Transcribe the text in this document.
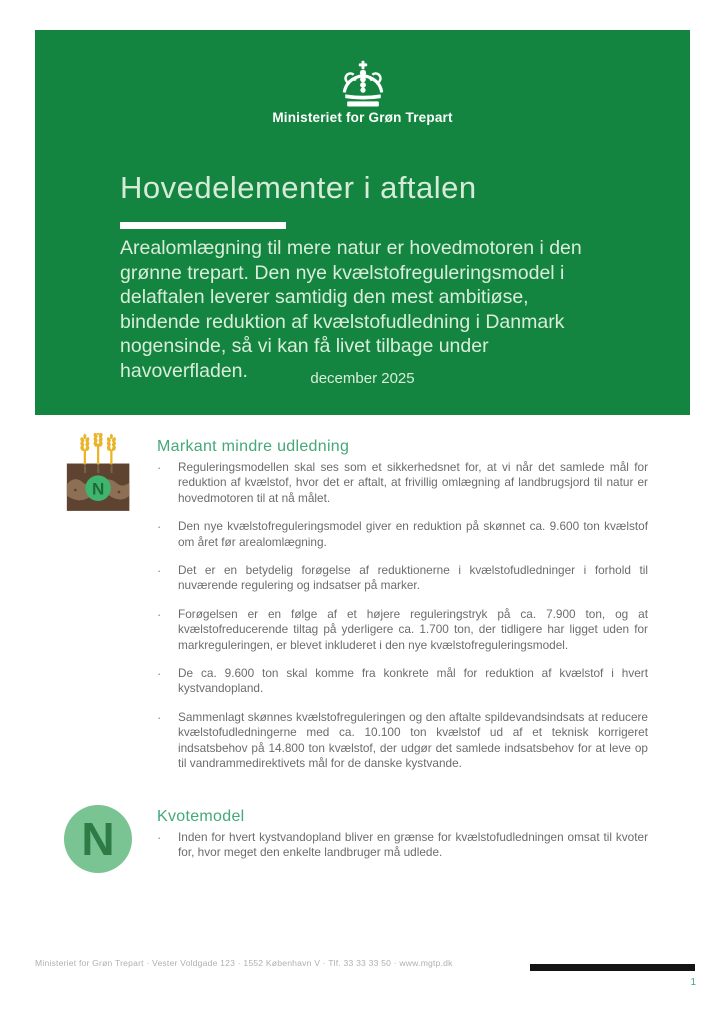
Ministeriet for Grøn Trepart
Hovedelementer i aftalen

Arealomlægning til mere natur er hovedmotoren i den grønne trepart. Den nye kvælstofreguleringsmodel i delaftalen leverer samtidig den mest ambitiøse, bindende reduktion af kvælstofudledning i Danmark nogensinde, så vi kan få livet tilbage under havoverfladen.	december 2025
N
Markant mindre udledning
·	Reguleringsmodellen skal ses som et sikkerhedsnet for, at vi når det samlede mål for reduktion af kvælstof, hvor det er aftalt, at frivillig omlægning af landbrugsjord til natur er hovedmotoren til at nå målet.
·	Den nye kvælstofreguleringsmodel giver en reduktion på skønnet ca. 9.600 ton kvælstof om året før arealomlægning.
·	Det er en betydelig forøgelse af reduktionerne i kvælstofudledninger i forhold til nuværende regulering og indsatser på marker.
·	Forøgelsen er en følge af et højere reguleringstryk på ca. 7.900 ton, og at kvælstofreducerende tiltag på yderligere ca. 1.700 ton, der tidligere har ligget uden for markreguleringen, er blevet inkluderet i den nye kvælstofreguleringsmodel.
·	De ca. 9.600 ton skal komme fra konkrete mål for reduktion af kvælstof i hvert kystvandopland.
·	Sammenlagt skønnes kvælstofreguleringen og den aftalte spildevandsindsats at reducere kvælstofudledningerne med ca. 10.100 ton kvælstof ud af et teknisk korrigeret indsatsbehov på 14.800 ton kvælstof, der udgør det samlede indsatsbehov for at leve op til vandrammedirektivets mål for de danske kystvande.
N	Kvotemodel
·	Inden for hvert kystvandopland bliver en grænse for kvælstofudledningen omsat til kvoter for, hvor meget den enkelte landbruger må udlede.
Ministeriet for Grøn Trepart · Vester Voldgade 123 · 1552 København V · Tlf. 33 33 33 50 · www.mgtp.dk
1
